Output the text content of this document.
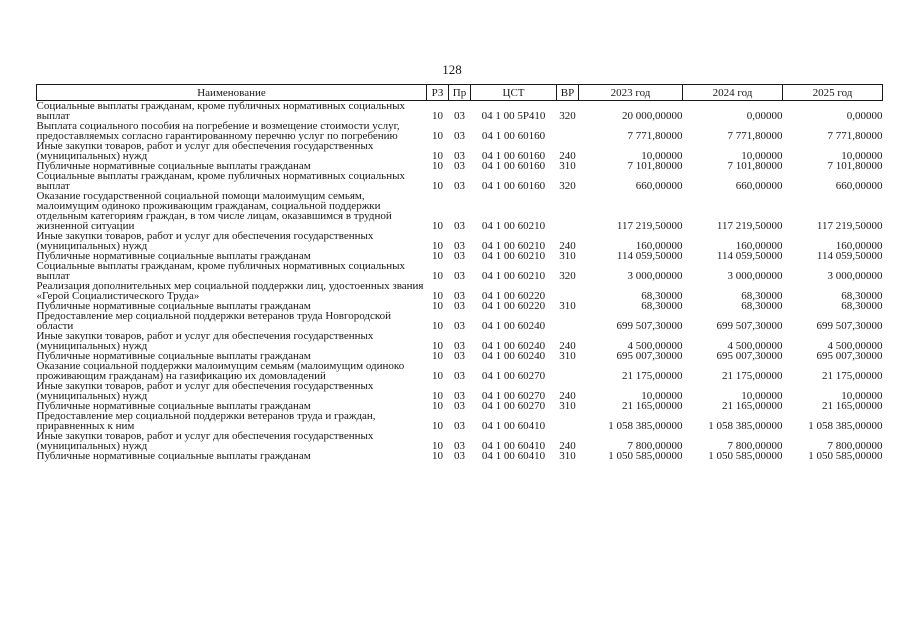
128
Наименование	РЗ	Пр	ЦСТ	ВР	2023 год	2024 год	2025 год
Социальные выплаты гражданам, кроме публичных нормативных социальных выплат	10	03	04 1 00 5Р410	320	20 000,00000	0,00000	0,00000
Выплата социального пособия на погребение и возмещение стоимости услуг, предоставляемых согласно гарантированному перечню услуг по погребению	10	03	04 1 00 60160		7 771,80000	7 771,80000	7 771,80000
Иные закупки товаров, работ и услуг для обеспечения государственных (муниципальных) нужд	10	03	04 1 00 60160	240	10,00000	10,00000	10,00000
Публичные нормативные социальные выплаты гражданам	10	03	04 1 00 60160	310	7 101,80000	7 101,80000	7 101,80000
Социальные выплаты гражданам, кроме публичных нормативных социальных выплат	10	03	04 1 00 60160	320	660,00000	660,00000	660,00000
Оказание государственной социальной помощи малоимущим семьям, малоимущим одиноко проживающим гражданам, социальной поддержки отдельным категориям граждан, в том числе лицам, оказавшимся в трудной жизненной ситуации	10	03	04 1 00 60210		117 219,50000	117 219,50000	117 219,50000
Иные закупки товаров, работ и услуг для обеспечения государственных (муниципальных) нужд	10	03	04 1 00 60210	240	160,00000	160,00000	160,00000
Публичные нормативные социальные выплаты гражданам	10	03	04 1 00 60210	310	114 059,50000	114 059,50000	114 059,50000
Социальные выплаты гражданам, кроме публичных нормативных социальных выплат	10	03	04 1 00 60210	320	3 000,00000	3 000,00000	3 000,00000
Реализация дополнительных мер социальной поддержки лиц, удостоенных звания «Герой Социалистического Труда»	10	03	04 1 00 60220		68,30000	68,30000	68,30000
Публичные нормативные социальные выплаты гражданам	10	03	04 1 00 60220	310	68,30000	68,30000	68,30000
Предоставление мер социальной поддержки ветеранов труда Новгородской области	10	03	04 1 00 60240		699 507,30000	699 507,30000	699 507,30000
Иные закупки товаров, работ и услуг для обеспечения государственных (муниципальных) нужд	10	03	04 1 00 60240	240	4 500,00000	4 500,00000	4 500,00000
Публичные нормативные социальные выплаты гражданам	10	03	04 1 00 60240	310	695 007,30000	695 007,30000	695 007,30000
Оказание социальной поддержки малоимущим семьям (малоимущим одиноко проживающим гражданам) на газификацию их домовладений	10	03	04 1 00 60270		21 175,00000	21 175,00000	21 175,00000
Иные закупки товаров, работ и услуг для обеспечения государственных (муниципальных) нужд	10	03	04 1 00 60270	240	10,00000	10,00000	10,00000
Публичные нормативные социальные выплаты гражданам	10	03	04 1 00 60270	310	21 165,00000	21 165,00000	21 165,00000
Предоставление мер социальной поддержки ветеранов труда и граждан, приравненных к ним	10	03	04 1 00 60410		1 058 385,00000	1 058 385,00000	1 058 385,00000
Иные закупки товаров, работ и услуг для обеспечения государственных (муниципальных) нужд	10	03	04 1 00 60410	240	7 800,00000	7 800,00000	7 800,00000
Публичные нормативные социальные выплаты гражданам	10	03	04 1 00 60410	310	1 050 585,00000	1 050 585,00000	1 050 585,00000
